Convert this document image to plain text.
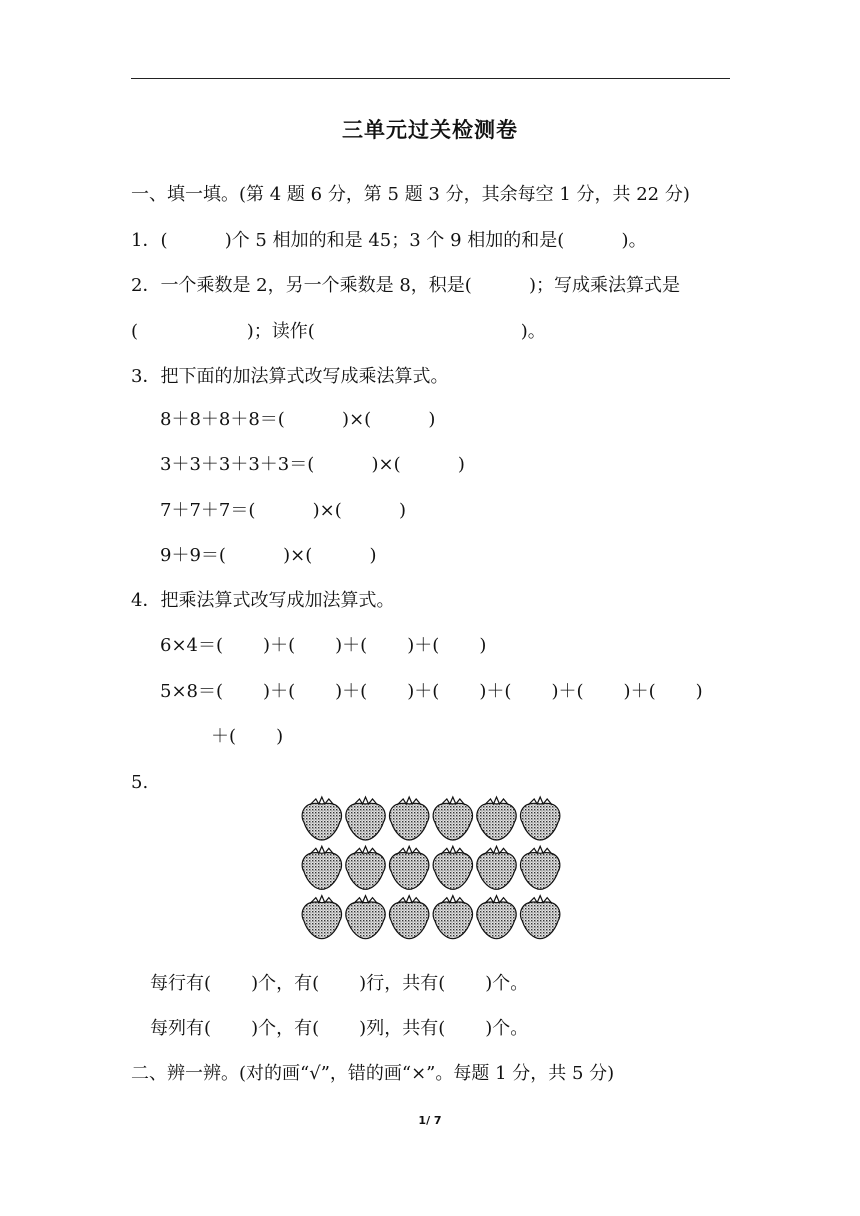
三单元过关检测卷
一、填一填。(第 4 题 6 分，第 5 题 3 分，其余每空 1 分，共 22 分)
1．(          )个 5 相加的和是 45；3 个 9 相加的和是(          )。
2．一个乘数是 2，另一个乘数是 8，积是(          )；写成乘法算式是
(                   )；读作(                                    )。
3．把下面的加法算式改写成乘法算式。
8＋8＋8＋8＝(          )×(          )
3＋3＋3＋3＋3＝(          )×(          )
7＋7＋7＝(          )×(          )
9＋9＝(          )×(          )
4．把乘法算式改写成加法算式。
6×4＝(       )＋(       )＋(       )＋(       )
5×8＝(       )＋(       )＋(       )＋(       )＋(       )＋(       )＋(       )
＋(       )
5.
每行有(       )个，有(       )行，共有(       )个。
每列有(       )个，有(       )列，共有(       )个。
二、辨一辨。(对的画“√”，错的画“×”。每题 1 分，共 5 分)
1/ 7
